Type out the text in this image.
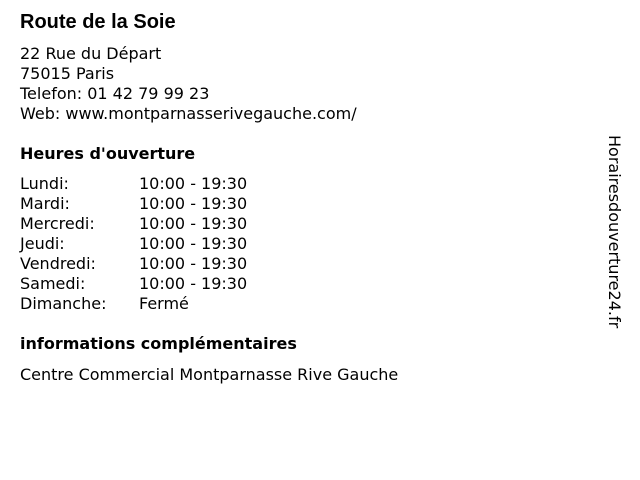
Route de la Soie
22 Rue du Départ
75015 Paris
Telefon: 01 42 79 99 23
Web: www.montparnasserivegauche.com/
Heures d'ouverture
Lundi:	10:00 - 19:30
Mardi:	10:00 - 19:30
Mercredi:	10:00 - 19:30
Jeudi:	10:00 - 19:30
Vendredi:	10:00 - 19:30
Samedi:	10:00 - 19:30
Dimanche: Fermé
informations complémentaires
Centre Commercial Montparnasse Rive Gauche
Horairesdouverture24.fr
